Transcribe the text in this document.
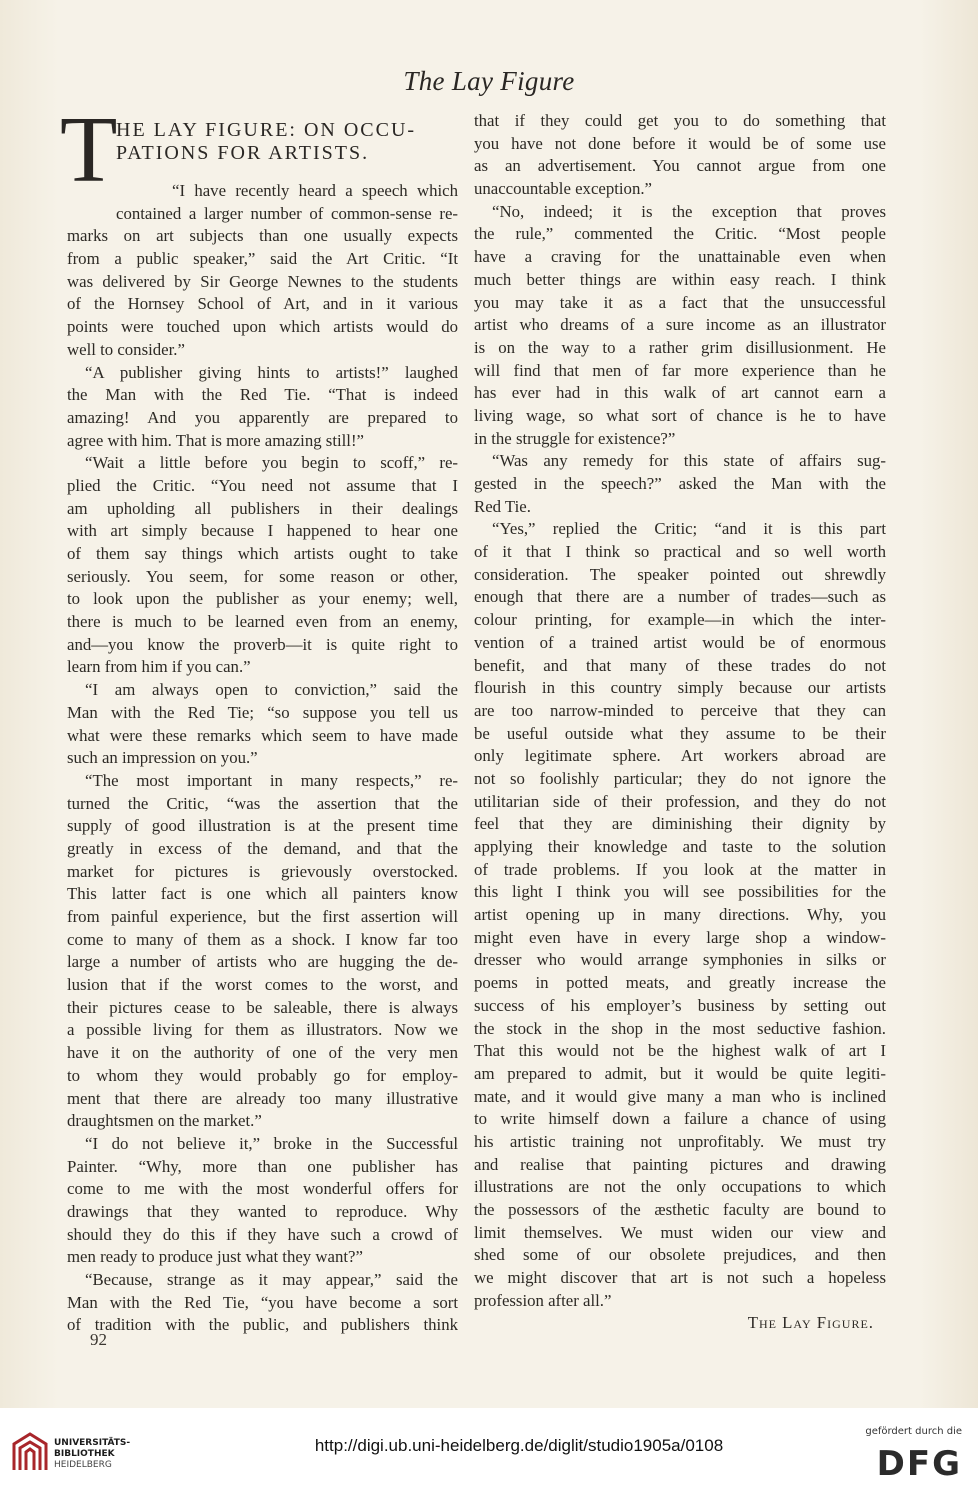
The Lay Figure
T
HE LAY FIGURE: ON OCCU-
PATIONS FOR ARTISTS.
“I have recently heard a speech which
contained a larger number of common-sense re-
marks on art subjects than one usually expects
from a public speaker,” said the Art Critic. “It
was delivered by Sir George Newnes to the students
of the Hornsey School of Art, and in it various
points were touched upon which artists would do
well to consider.”
“A publisher giving hints to artists!” laughed
the Man with the Red Tie. “That is indeed
amazing! And you apparently are prepared to
agree with him. That is more amazing still!”
“Wait a little before you begin to scoff,” re-
plied the Critic. “You need not assume that I
am upholding all publishers in their dealings
with art simply because I happened to hear one
of them say things which artists ought to take
seriously. You seem, for some reason or other,
to look upon the publisher as your enemy; well,
there is much to be learned even from an enemy,
and—you know the proverb—it is quite right to
learn from him if you can.”
“I am always open to conviction,” said the
Man with the Red Tie; “so suppose you tell us
what were these remarks which seem to have made
such an impression on you.”
“The most important in many respects,” re-
turned the Critic, “was the assertion that the
supply of good illustration is at the present time
greatly in excess of the demand, and that the
market for pictures is grievously overstocked.
This latter fact is one which all painters know
from painful experience, but the first assertion will
come to many of them as a shock. I know far too
large a number of artists who are hugging the de-
lusion that if the worst comes to the worst, and
their pictures cease to be saleable, there is always
a possible living for them as illustrators. Now we
have it on the authority of one of the very men
to whom they would probably go for employ-
ment that there are already too many illustrative
draughtsmen on the market.”
“I do not believe it,” broke in the Successful
Painter. “Why, more than one publisher has
come to me with the most wonderful offers for
drawings that they wanted to reproduce. Why
should they do this if they have such a crowd of
men ready to produce just what they want?”
“Because, strange as it may appear,” said the
Man with the Red Tie, “you have become a sort
of tradition with the public, and publishers think
that if they could get you to do something that
you have not done before it would be of some use
as an advertisement. You cannot argue from one
unaccountable exception.”
“No, indeed; it is the exception that proves
the rule,” commented the Critic. “Most people
have a craving for the unattainable even when
much better things are within easy reach. I think
you may take it as a fact that the unsuccessful
artist who dreams of a sure income as an illustrator
is on the way to a rather grim disillusionment. He
will find that men of far more experience than he
has ever had in this walk of art cannot earn a
living wage, so what sort of chance is he to have
in the struggle for existence?”
“Was any remedy for this state of affairs sug-
gested in the speech?” asked the Man with the
Red Tie.
“Yes,” replied the Critic; “and it is this part
of it that I think so practical and so well worth
consideration. The speaker pointed out shrewdly
enough that there are a number of trades—such as
colour printing, for example—in which the inter-
vention of a trained artist would be of enormous
benefit, and that many of these trades do not
flourish in this country simply because our artists
are too narrow-minded to perceive that they can
be useful outside what they assume to be their
only legitimate sphere. Art workers abroad are
not so foolishly particular; they do not ignore the
utilitarian side of their profession, and they do not
feel that they are diminishing their dignity by
applying their knowledge and taste to the solution
of trade problems. If you look at the matter in
this light I think you will see possibilities for the
artist opening up in many directions. Why, you
might even have in every large shop a window-
dresser who would arrange symphonies in silks or
poems in potted meats, and greatly increase the
success of his employer’s business by setting out
the stock in the shop in the most seductive fashion.
That this would not be the highest walk of art I
am prepared to admit, but it would be quite legiti-
mate, and it would give many a man who is inclined
to write himself down a failure a chance of using
his artistic training not unprofitably. We must try
and realise that painting pictures and drawing
illustrations are not the only occupations to which
the possessors of the æsthetic faculty are bound to
limit themselves. We must widen our view and
shed some of our obsolete prejudices, and then
we might discover that art is not such a hopeless
profession after all.”
The Lay Figure.
92
UNIVERSITÄTS-
BIBLIOTHEK
HEIDELBERG
http://digi.ub.uni-heidelberg.de/diglit/studio1905a/0108
gefördert durch die
DFG
